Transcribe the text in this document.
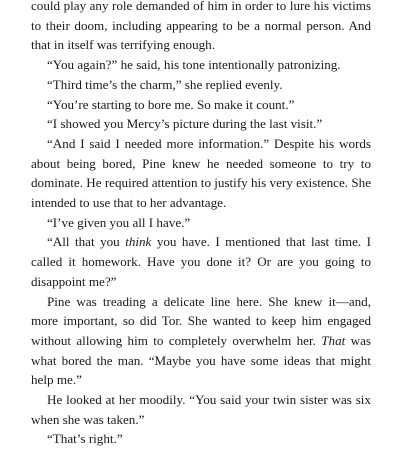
could play any role demanded of him in order to lure his victims to their doom, including appearing to be a normal person. And that in itself was terrifying enough.

“You again?” he said, his tone intentionally patronizing.

“Third time’s the charm,” she replied evenly.

“You’re starting to bore me. So make it count.”

“I showed you Mercy’s picture during the last visit.”

“And I said I needed more information.” Despite his words about being bored, Pine knew he needed someone to try to dominate. He required attention to justify his very existence. She intended to use that to her advantage.

“I’ve given you all I have.”

“All that you think you have. I mentioned that last time. I called it homework. Have you done it? Or are you going to disappoint me?”

Pine was treading a delicate line here. She knew it—and, more important, so did Tor. She wanted to keep him engaged without allowing him to completely overwhelm her. That was what bored the man. “Maybe you have some ideas that might help me.”

He looked at her moodily. “You said your twin sister was six when she was taken.”

“That’s right.”
